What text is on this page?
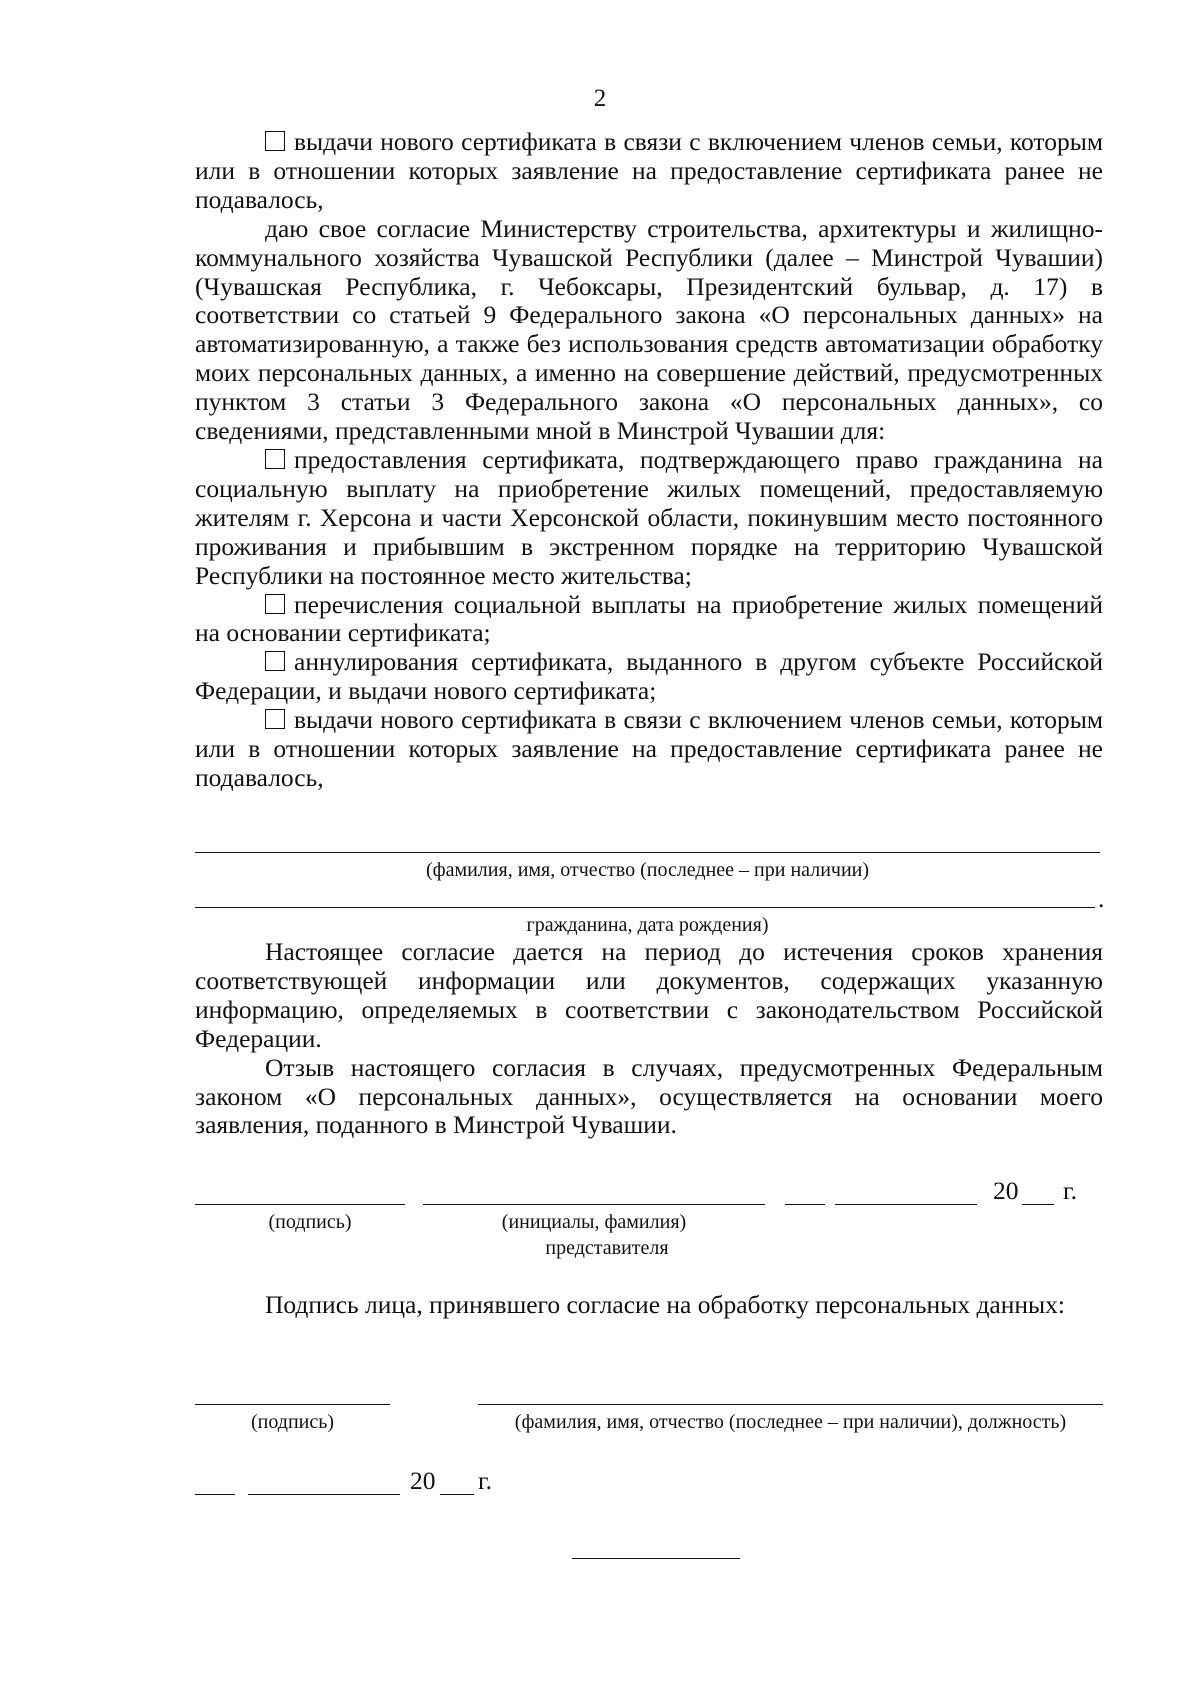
2

выдачи нового сертификата в связи с включением членов семьи, которым или в отношении которых заявление на предоставление сертификата ранее не подавалось,

даю свое согласие Министерству строительства, архитектуры и жилищно-коммунального хозяйства Чувашской Республики (далее – Минстрой Чувашии) (Чувашская Республика, г. Чебоксары, Президентский бульвар, д. 17) в соответствии со статьей 9 Федерального закона «О персональных данных» на автоматизированную, а также без использования средств автоматизации обработку моих персональных данных, а именно на совершение действий, предусмотренных пунктом 3 статьи 3 Федерального закона «О персональных данных», со сведениями, представленными мной в Минстрой Чувашии для:

предоставления сертификата, подтверждающего право гражданина на социальную выплату на приобретение жилых помещений, предоставляемую жителям г. Херсона и части Херсонской области, покинувшим место постоянного проживания и прибывшим в экстренном порядке на территорию Чувашской Республики на постоянное место жительства;

перечисления социальной выплаты на приобретение жилых помещений на основании сертификата;

аннулирования сертификата, выданного в другом субъекте Российской Федерации, и выдачи нового сертификата;

выдачи нового сертификата в связи с включением членов семьи, которым или в отношении которых заявление на предоставление сертификата ранее не подавалось,

(фамилия, имя, отчество (последнее – при наличии)
.
гражданина, дата рождения)

Настоящее согласие дается на период до истечения сроков хранения соответствующей информации или документов, содержащих указанную информацию, определяемых в соответствии с законодательством Российской Федерации.

Отзыв настоящего согласия в случаях, предусмотренных Федеральным законом «О персональных данных», осуществляется на основании моего заявления, поданного в Минстрой Чувашии.

20 г.
(подпись)	(инициалы, фамилия)
представителя
Подпись лица, принявшего согласие на обработку персональных данных:
(подпись)	(фамилия, имя, отчество (последнее – при наличии), должность)
20 г.
